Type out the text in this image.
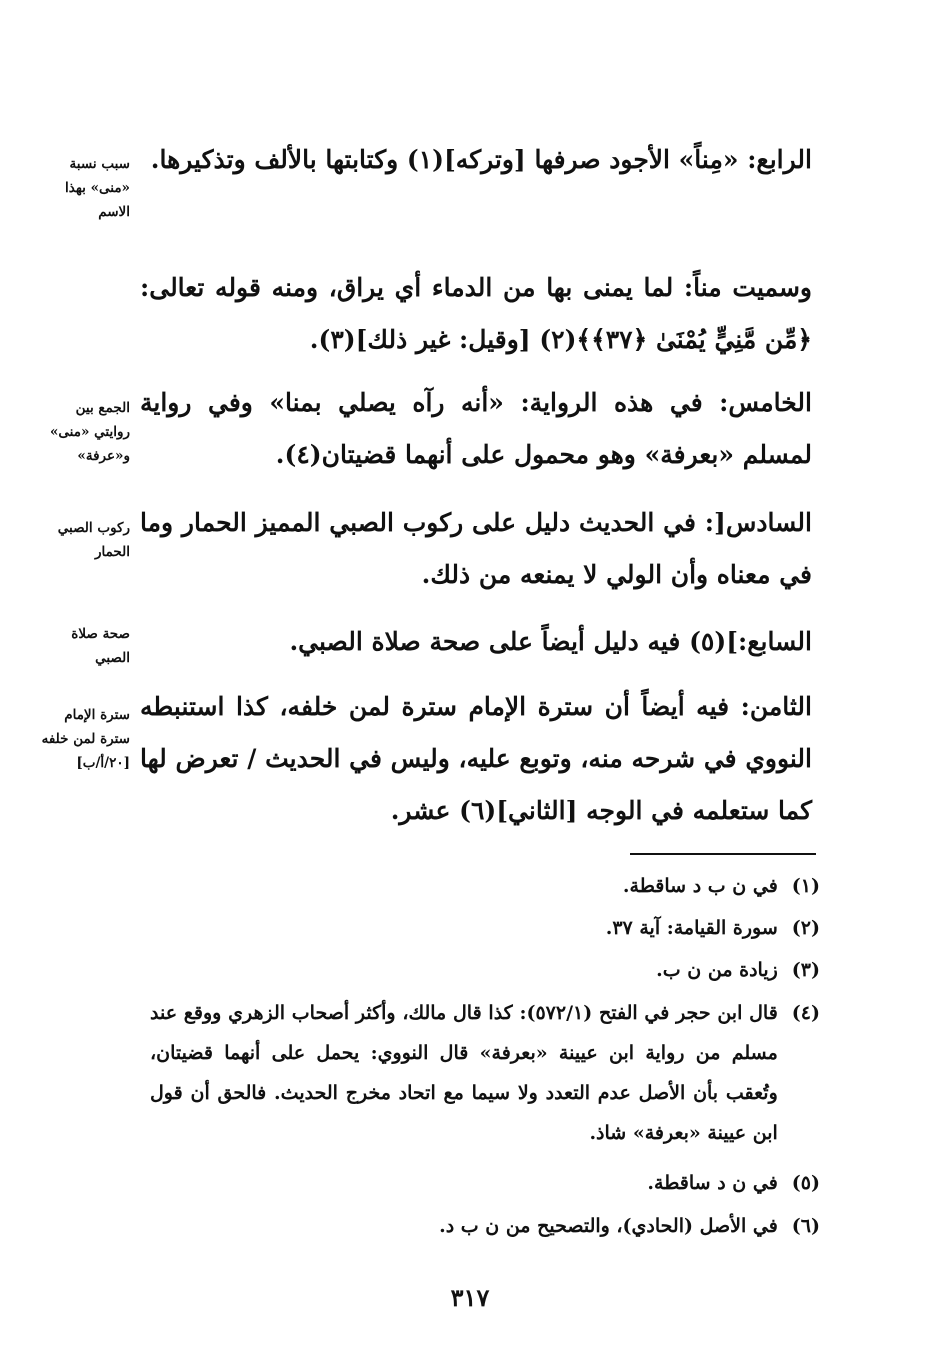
الرابع: «مِناً» الأجود صرفها [وتركه](١) وكتابتها بالألف وتذكيرها.

وسميت مناً: لما يمنى بها من الدماء أي يراق، ومنه قوله تعالى: ﴿مِّن مَّنِيٍّ يُمْنَىٰ ﴿٣٧﴾﴾(٢) [وقيل: غير ذلك](٣).

الخامس: في هذه الرواية: «أنه رآه يصلي بمنا» وفي رواية لمسلم «بعرفة» وهو محمول على أنهما قضيتان(٤).

السادس[: في الحديث دليل على ركوب الصبي المميز الحمار وما في معناه وأن الولي لا يمنعه من ذلك.

السابع:](٥) فيه دليل أيضاً على صحة صلاة الصبي.

الثامن: فيه أيضاً أن سترة الإمام سترة لمن خلفه، كذا استنبطه النووي في شرحه منه، وتوبع عليه، وليس في الحديث / تعرض لها كما ستعلمه في الوجه [الثاني](٦) عشر.

سبب نسبة
«منى» بهذا
الاسم
الجمع بين
روايتي «منى»
و«عرفة»
ركوب الصبي
الحمار
صحة صلاة
الصبي
سترة الإمام
سترة لمن خلفه
[٢٠/أ/ب]
(١)
في ن ب د ساقطة.
(٢)
سورة القيامة: آية ٣٧.
(٣)
زيادة من ن ب.
(٤)
قال ابن حجر في الفتح (٥٧٢/١): كذا قال مالك، وأكثر أصحاب الزهري ووقع عند مسلم من رواية ابن عيينة «بعرفة» قال النووي: يحمل على أنهما قضيتان، وتُعقب بأن الأصل عدم التعدد ولا سيما مع اتحاد مخرج الحديث. فالحق أن قول ابن عيينة «بعرفة» شاذ.
(٥)
في ن د ساقطة.
(٦)
في الأصل (الحادي)، والتصحيح من ن ب د.
٣١٧
